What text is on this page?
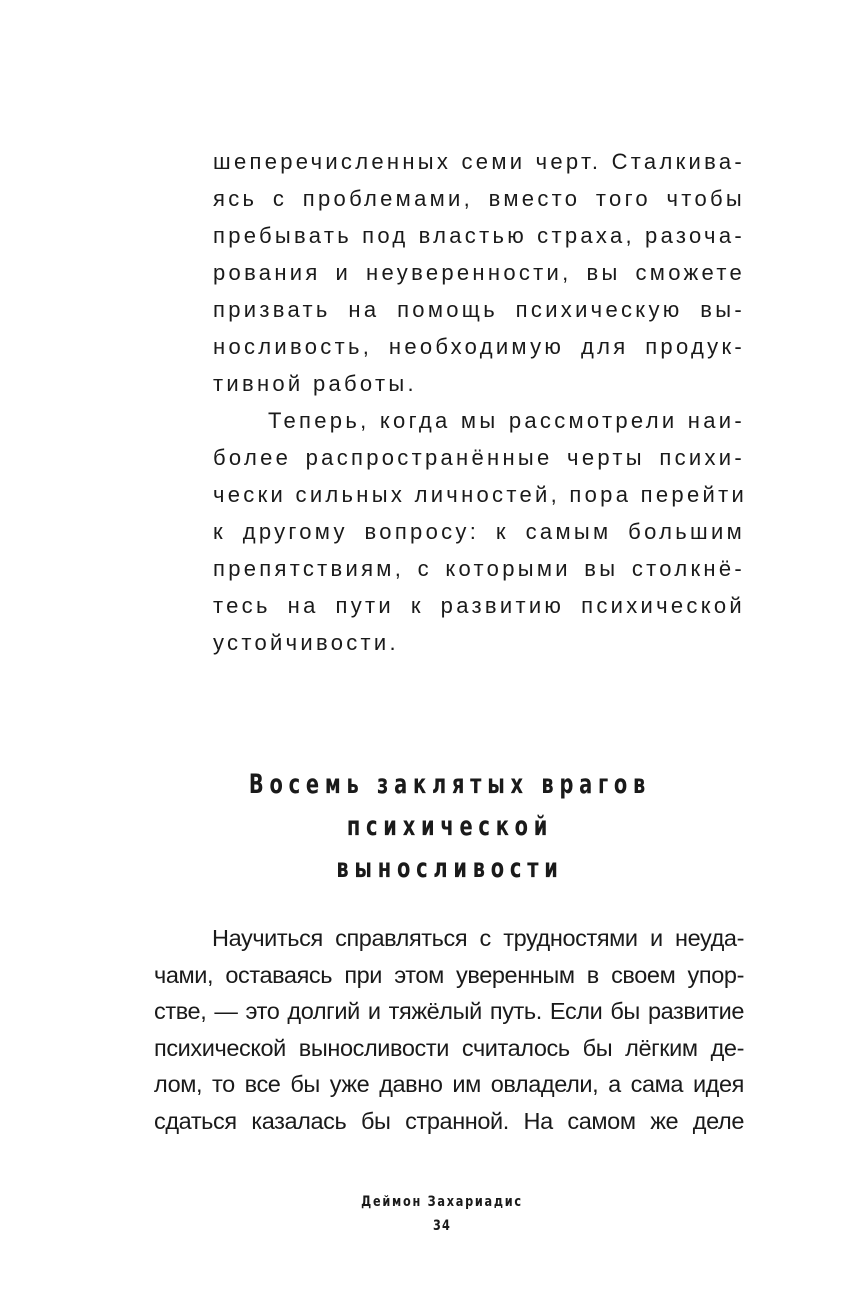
шеперечисленных семи черт. Сталкива-

ясь с проблемами, вместо того чтобы

пребывать под властью страха, разоча-

рования и неуверенности, вы сможете

призвать на помощь психическую вы-

носливость, необходимую для продук-

тивной работы.

Теперь, когда мы рассмотрели наи-

более распространённые черты психи-

чески сильных личностей, пора перейти

к другому вопросу: к самым большим

препятствиям, с которыми вы столкнё-

тесь на пути к развитию психической

устойчивости.

Восемь заклятых врагов
психической выносливости

Научиться справляться с трудностями и неуда-

чами, оставаясь при этом уверенным в своем упор-

стве, — это долгий и тяжёлый путь. Если бы развитие

психической выносливости считалось бы лёгким де-

лом, то все бы уже давно им овладели, а сама идея

сдаться казалась бы странной. На самом же деле

Деймон Захариадис
34
